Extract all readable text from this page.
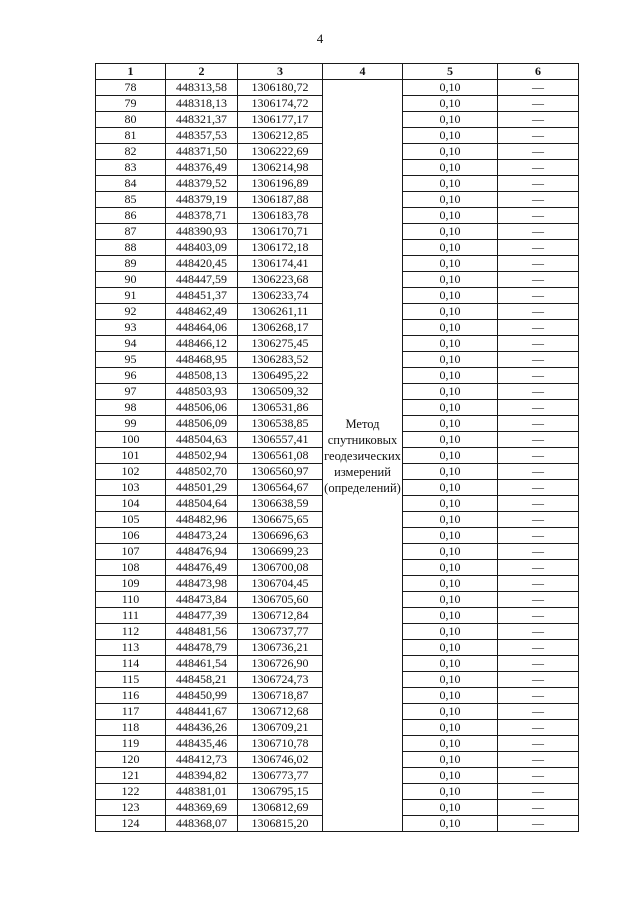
4
1	2	3	4	5	6
78	448313,58	1306180,72	Метод
спутниковых
геодезических
измерений
(определений)	0,10	—
79	448318,13	1306174,72		0,10	—
80	448321,37	1306177,17		0,10	—
81	448357,53	1306212,85		0,10	—
82	448371,50	1306222,69		0,10	—
83	448376,49	1306214,98		0,10	—
84	448379,52	1306196,89		0,10	—
85	448379,19	1306187,88		0,10	—
86	448378,71	1306183,78		0,10	—
87	448390,93	1306170,71		0,10	—
88	448403,09	1306172,18		0,10	—
89	448420,45	1306174,41		0,10	—
90	448447,59	1306223,68		0,10	—
91	448451,37	1306233,74		0,10	—
92	448462,49	1306261,11		0,10	—
93	448464,06	1306268,17		0,10	—
94	448466,12	1306275,45		0,10	—
95	448468,95	1306283,52		0,10	—
96	448508,13	1306495,22		0,10	—
97	448503,93	1306509,32		0,10	—
98	448506,06	1306531,86		0,10	—
99	448506,09	1306538,85		0,10	—
100	448504,63	1306557,41		0,10	—
101	448502,94	1306561,08		0,10	—
102	448502,70	1306560,97		0,10	—
103	448501,29	1306564,67		0,10	—
104	448504,64	1306638,59		0,10	—
105	448482,96	1306675,65		0,10	—
106	448473,24	1306696,63		0,10	—
107	448476,94	1306699,23		0,10	—
108	448476,49	1306700,08		0,10	—
109	448473,98	1306704,45		0,10	—
110	448473,84	1306705,60		0,10	—
111	448477,39	1306712,84		0,10	—
112	448481,56	1306737,77		0,10	—
113	448478,79	1306736,21		0,10	—
114	448461,54	1306726,90		0,10	—
115	448458,21	1306724,73		0,10	—
116	448450,99	1306718,87		0,10	—
117	448441,67	1306712,68		0,10	—
118	448436,26	1306709,21		0,10	—
119	448435,46	1306710,78		0,10	—
120	448412,73	1306746,02		0,10	—
121	448394,82	1306773,77		0,10	—
122	448381,01	1306795,15		0,10	—
123	448369,69	1306812,69		0,10	—
124	448368,07	1306815,20		0,10	—
